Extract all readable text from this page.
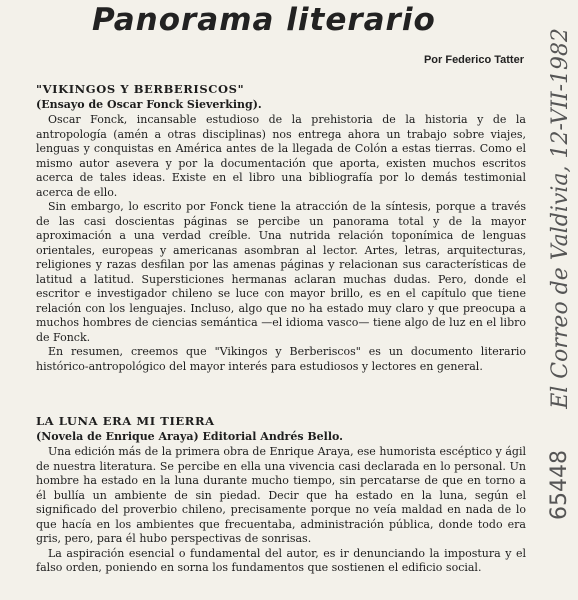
Panorama literario
Por Federico Tatter

"VIKINGOS Y BERBERISCOS"

(Ensayo de Oscar Fonck Sieverking).

Oscar Fonck, incansable estudioso de la prehistoria de la historia y de la antropología (amén a otras disciplinas) nos entrega ahora un trabajo sobre viajes, lenguas y conquistas en América antes de la llegada de Colón a estas tierras. Como el mismo autor asevera y por la documentación que aporta, existen muchos escritos acerca de tales ideas. Existe en el libro una bibliografía por lo demás testimonial acerca de ello.

Sin embargo, lo escrito por Fonck tiene la atracción de la síntesis, porque a través de las casi doscientas páginas se percibe un panorama total y de la mayor aproximación a una verdad creíble. Una nutrida relación toponímica de lenguas orientales, europeas y americanas asombran al lector. Artes, letras, arquitecturas, religiones y razas desfilan por las amenas páginas y relacionan sus características de latitud a latitud. Supersticiones hermanas aclaran muchas dudas. Pero, donde el escritor e investigador chileno se luce con mayor brillo, es en el capítulo que tiene relación con los lenguajes. Incluso, algo que no ha estado muy claro y que preocupa a muchos hombres de ciencias semántica —el idioma vasco— tiene algo de luz en el libro de Fonck.

En resumen, creemos que "Vikingos y Berberiscos" es un documento literario histórico-antropológico del mayor interés para estudiosos y lectores en general.

LA LUNA ERA MI TIERRA

(Novela de Enrique Araya) Editorial Andrés Bello.

Una edición más de la primera obra de Enrique Araya, ese humorista escéptico y ágil de nuestra literatura. Se percibe en ella una vivencia casi declarada en lo personal. Un hombre ha estado en la luna durante mucho tiempo, sin percatarse de que en torno a él bullía un ambiente de sin piedad. Decir que ha estado en la luna, según el significado del proverbio chileno, precisamente porque no veía maldad en nada de lo que hacía en los ambientes que frecuentaba, administración pública, donde todo era gris, pero, para él hubo perspectivas de sonrisas.

La aspiración esencial o fundamental del autor, es ir denunciando la impostura y el falso orden, poniendo en sorna los fundamentos que sostienen el edificio social.

El Correo de Valdivia, 12-VII-1982
65448
